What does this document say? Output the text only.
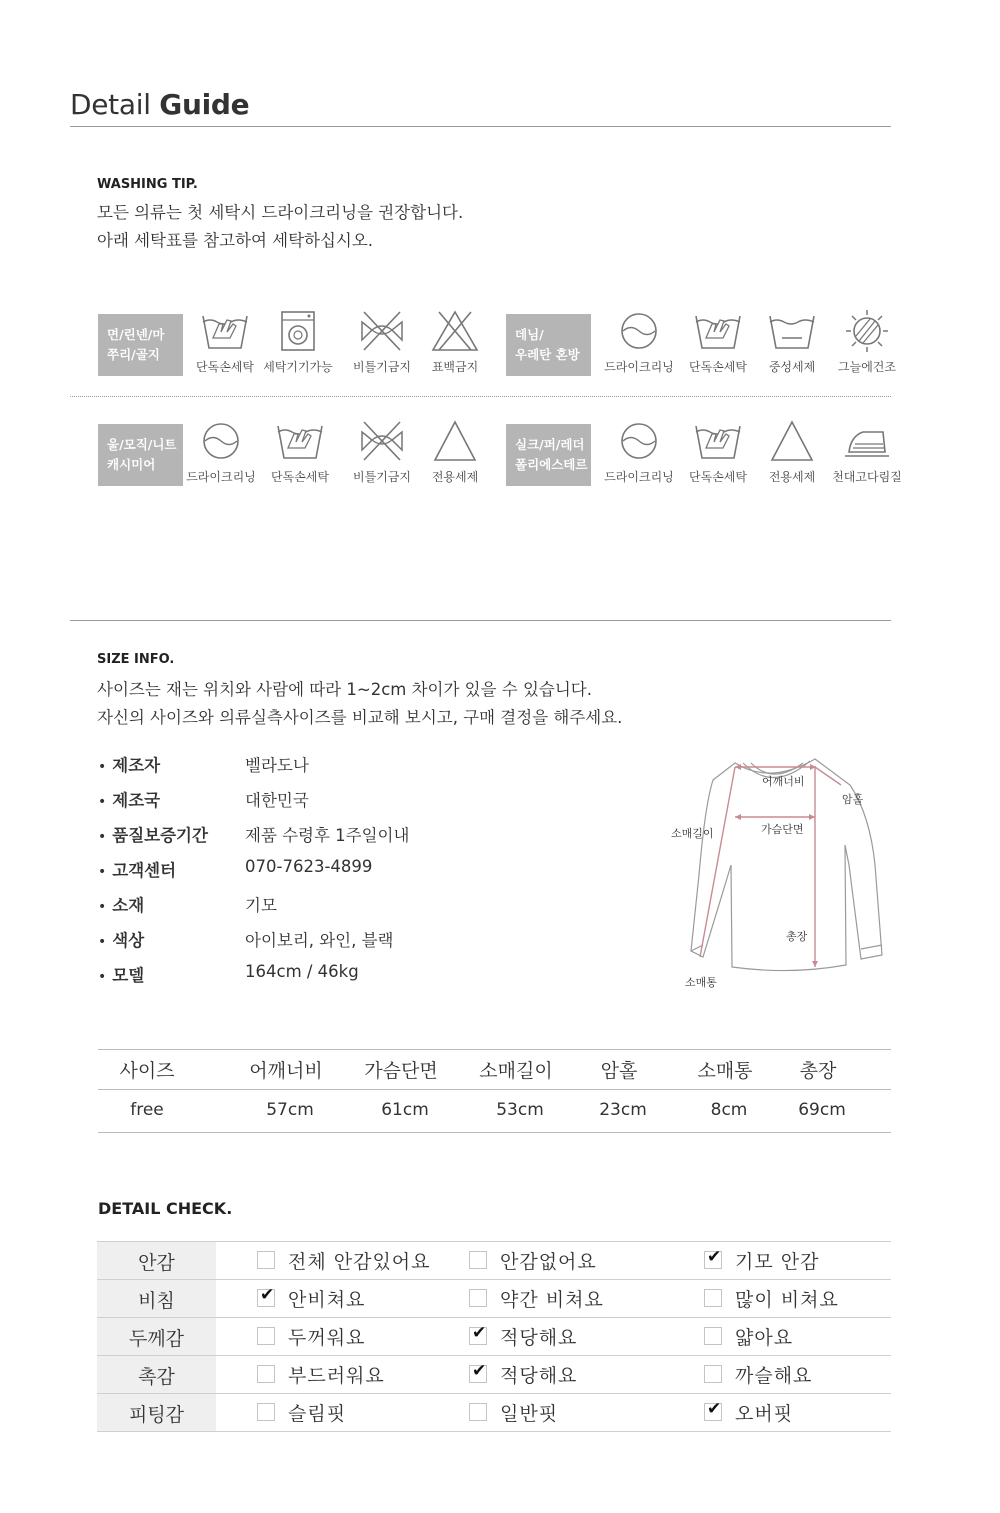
Detail Guide
WASHING TIP.
모든 의류는 첫 세탁시 드라이크리닝을 권장합니다.
아래 세탁표를 참고하여 세탁하십시오.
면/린넨/마
쭈리/골지
단독손세탁 세탁기기가능	비틀기금지	표백금지
데님/
우레탄 혼방
드라이크리닝	단독손세탁	중성세제	그늘에건조
울/모직/니트
캐시미어
드라이크리닝	단독손세탁	비틀기금지	전용세제
실크/퍼/레더
폴리에스테르
드라이크리닝	단독손세탁	전용세제	천대고다림질
SIZE INFO.
사이즈는 재는 위치와 사람에 따라 1~2cm 차이가 있을 수 있습니다.
자신의 사이즈와 의류실측사이즈를 비교해 보시고, 구매 결정을 해주세요.
• 제조자	벨라도나
• 제조국	대한민국
• 품질보증기간 제품 수령후 1주일이내
• 고객센터	070-7623-4899
• 소재	기모
• 색상	아이보리, 와인, 블랙
• 모델	164cm / 46kg
어깨너비
암홀
소매길이	가슴단면
총장
소매통
사이즈	어깨너비	가슴단면	소매길이	암홀	소매통	총장
free	57cm	61cm	53cm	23cm	8cm	69cm
DETAIL CHECK.
안감	전체 안감있어요	안감없어요	✔ 기모 안감
비침	✔ 안비쳐요	약간 비쳐요	많이 비쳐요
두께감	두꺼워요	✔ 적당해요	얇아요
촉감	부드러워요	✔ 적당해요	까슬해요
피팅감	슬림핏	일반핏	✔ 오버핏
